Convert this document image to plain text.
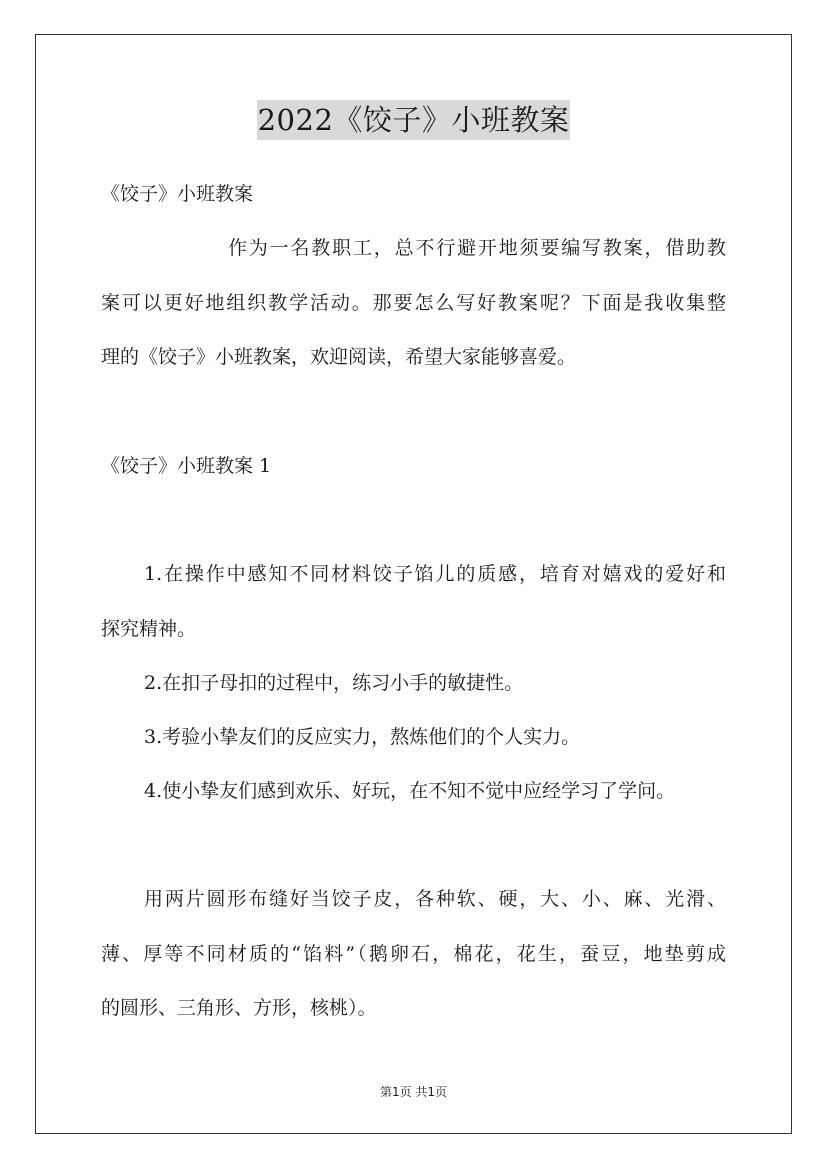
2022《饺子》小班教案
《饺子》小班教案
作为一名教职工，总不行避开地须要编写教案，借助教
案可以更好地组织教学活动。那要怎么写好教案呢？下面是我收集整
理的《饺子》小班教案，欢迎阅读，希望大家能够喜爱。
《饺子》小班教案 1
1.在操作中感知不同材料饺子馅儿的质感，培育对嬉戏的爱好和
探究精神。
2.在扣子母扣的过程中，练习小手的敏捷性。
3.考验小挚友们的反应实力，熬炼他们的个人实力。
4.使小挚友们感到欢乐、好玩，在不知不觉中应经学习了学问。
用两片圆形布缝好当饺子皮，各种软、硬，大、小、麻、光滑、
薄、厚等不同材质的“馅料”（鹅卵石，棉花，花生，蚕豆，地垫剪成
的圆形、三角形、方形，核桃）。
第1页 共1页
